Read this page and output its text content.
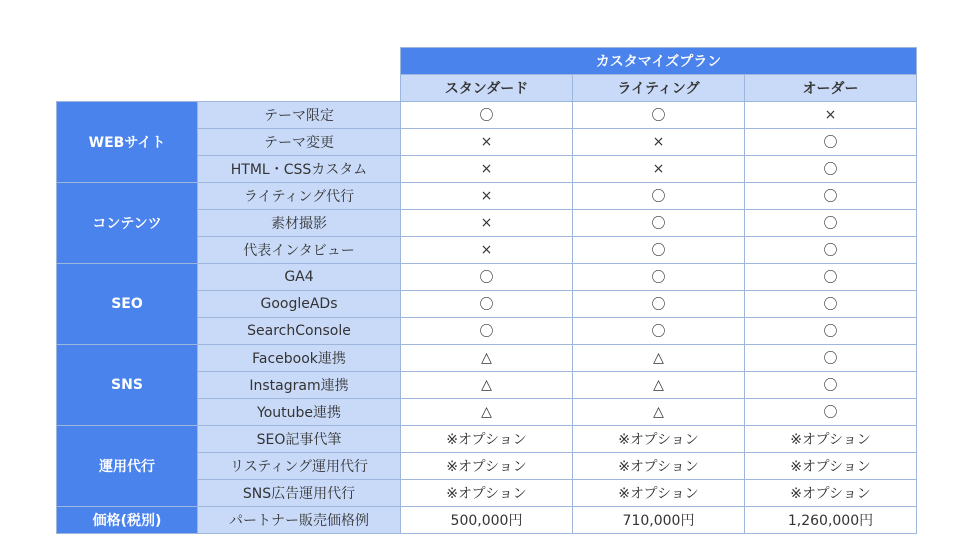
		カスタマイズプラン		
		スタンダード	ライティング	オーダー
WEBサイト	テーマ限定	〇	〇	×
	テーマ変更	×	×	〇
	HTML・CSSカスタム	×	×	〇
コンテンツ	ライティング代行	×	〇	〇
	素材撮影	×	〇	〇
	代表インタビュー	×	〇	〇
SEO	GA4	〇	〇	〇
	GoogleADs	〇	〇	〇
	SearchConsole	〇	〇	〇
SNS	Facebook連携	△	△	〇
	Instagram連携	△	△	〇
	Youtube連携	△	△	〇
運用代行	SEO記事代筆	※オプション	※オプション	※オプション
	リスティング運用代行	※オプション	※オプション	※オプション
	SNS広告運用代行	※オプション	※オプション	※オプション
価格(税別)	パートナー販売価格例	500,000円	710,000円	1,260,000円
